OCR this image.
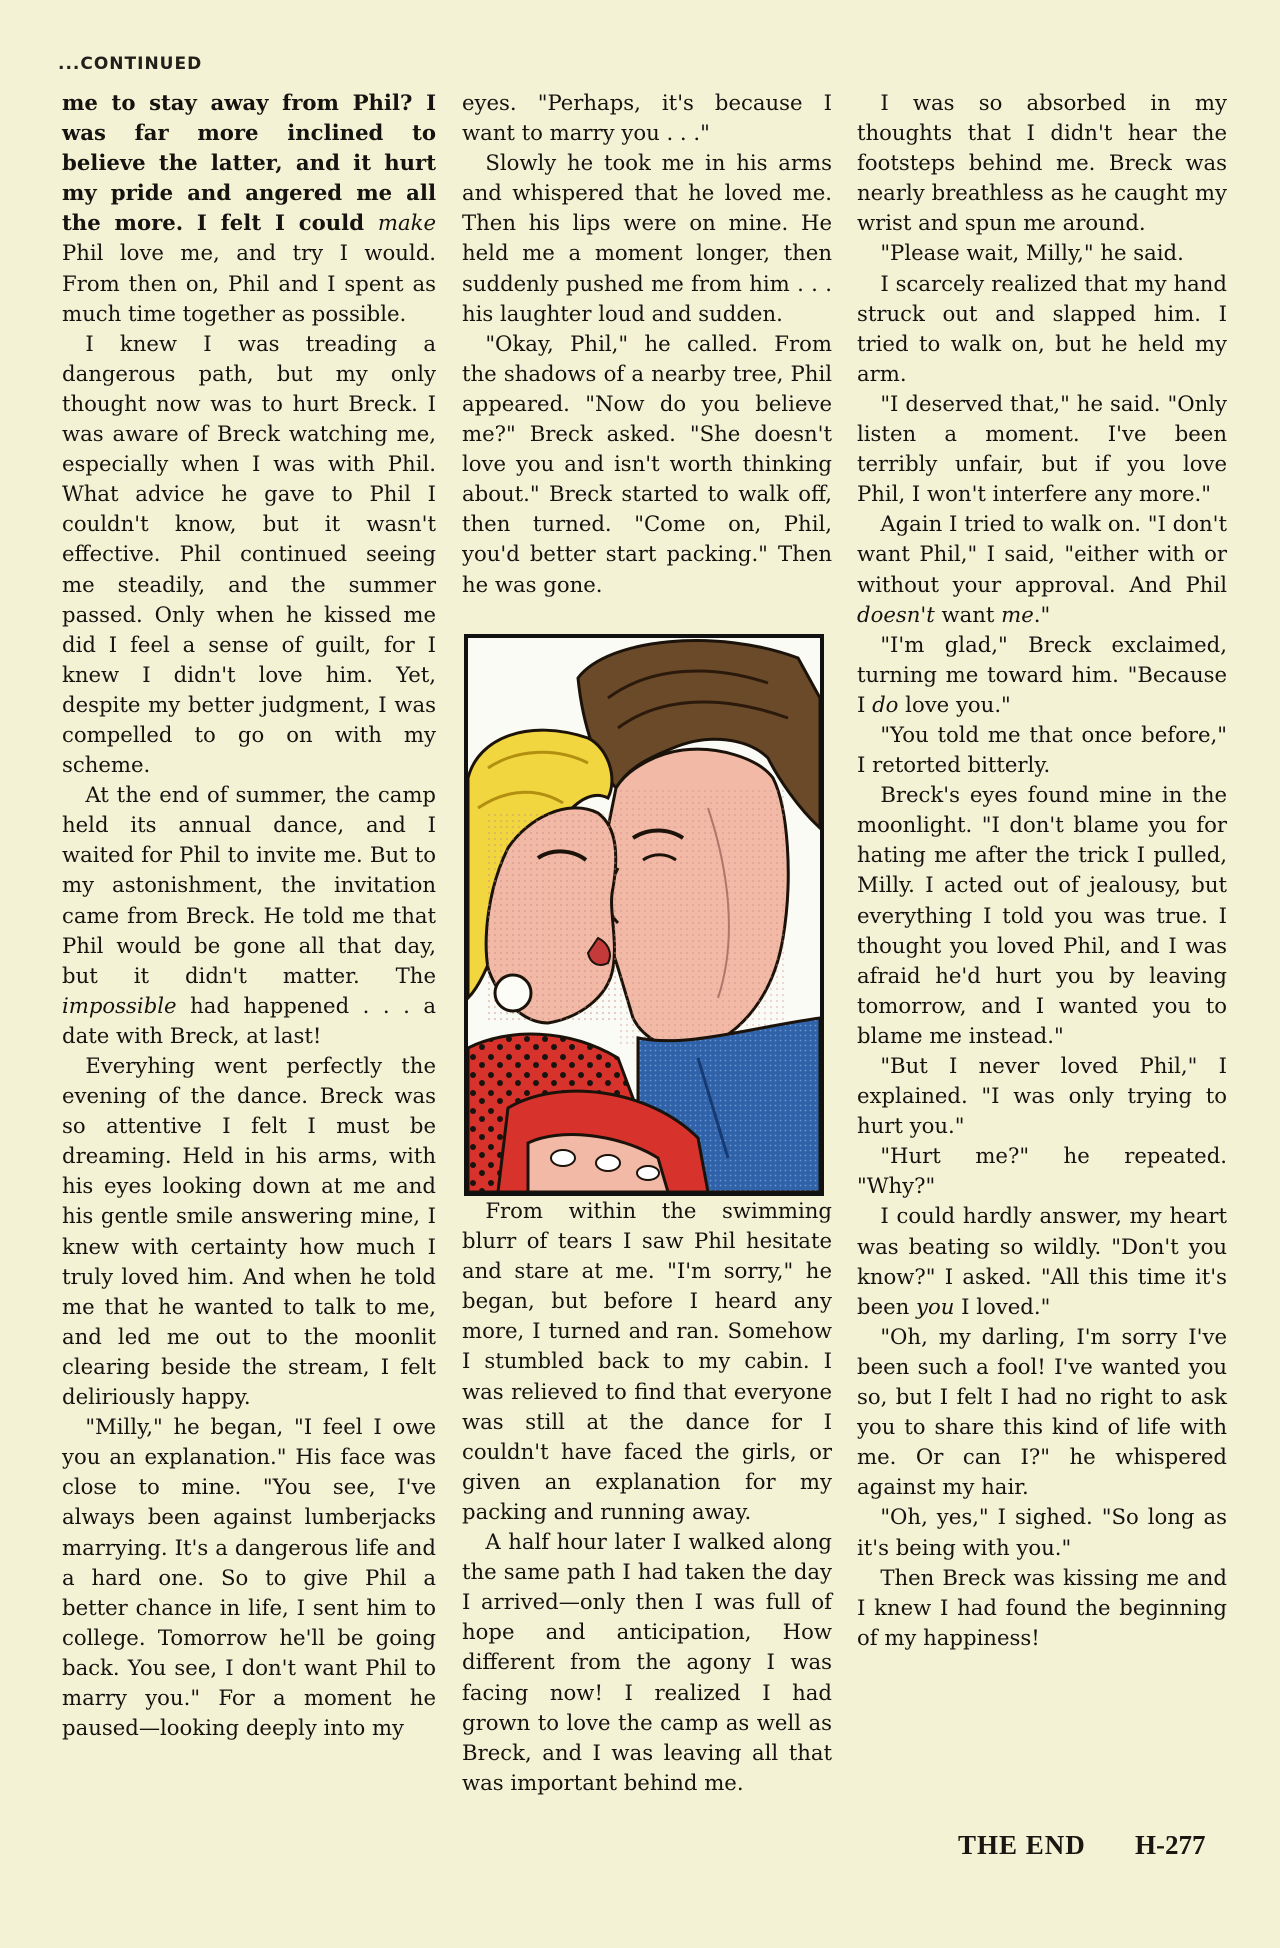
...CONTINUED

me to stay away from Phil? I was far more inclined to believe the latter, and it hurt my pride and angered me all the more. I felt I could make Phil love me, and try I would. From then on, Phil and I spent as much time together as possible.

I knew I was treading a dangerous path, but my only thought now was to hurt Breck. I was aware of Breck watching me, especially when I was with Phil. What advice he gave to Phil I couldn't know, but it wasn't effective. Phil continued seeing me steadily, and the summer passed. Only when he kissed me did I feel a sense of guilt, for I knew I didn't love him. Yet, despite my better judgment, I was compelled to go on with my scheme.

At the end of summer, the camp held its annual dance, and I waited for Phil to invite me. But to my astonishment, the invitation came from Breck. He told me that Phil would be gone all that day, but it didn't matter. The impossible had happened . . . a date with Breck, at last!

Everyhing went perfectly the evening of the dance. Breck was so attentive I felt I must be dreaming. Held in his arms, with his eyes looking down at me and his gentle smile answering mine, I knew with certainty how much I truly loved him. And when he told me that he wanted to talk to me, and led me out to the moonlit clearing beside the stream, I felt deliriously happy.

"Milly," he began, "I feel I owe you an explanation." His face was close to mine. "You see, I've always been against lumberjacks marrying. It's a dangerous life and a hard one. So to give Phil a better chance in life, I sent him to college. Tomorrow he'll be going back. You see, I don't want Phil to marry you." For a moment he paused—looking deeply into my

eyes. "Perhaps, it's because I want to marry you . . ."

Slowly he took me in his arms and whispered that he loved me. Then his lips were on mine. He held me a moment longer, then suddenly pushed me from him . . . his laughter loud and sudden.

"Okay, Phil," he called. From the shadows of a nearby tree, Phil appeared. "Now do you believe me?" Breck asked. "She doesn't love you and isn't worth thinking about." Breck started to walk off, then turned. "Come on, Phil, you'd better start packing." Then he was gone.

From within the swimming blurr of tears I saw Phil hesitate and stare at me. "I'm sorry," he began, but before I heard any more, I turned and ran. Somehow I stumbled back to my cabin. I was relieved to find that everyone was still at the dance for I couldn't have faced the girls, or given an explanation for my packing and running away.

A half hour later I walked along the same path I had taken the day I arrived—only then I was full of hope and anticipation, How different from the agony I was facing now! I realized I had grown to love the camp as well as Breck, and I was leaving all that was important behind me.

I was so absorbed in my thoughts that I didn't hear the footsteps behind me. Breck was nearly breathless as he caught my wrist and spun me around.

"Please wait, Milly," he said.

I scarcely realized that my hand struck out and slapped him. I tried to walk on, but he held my arm.

"I deserved that," he said. "Only listen a moment. I've been terribly unfair, but if you love Phil, I won't interfere any more."

Again I tried to walk on. "I don't want Phil," I said, "either with or without your approval. And Phil doesn't want me."

"I'm glad," Breck exclaimed, turning me toward him. "Because I do love you."

"You told me that once before," I retorted bitterly.

Breck's eyes found mine in the moonlight. "I don't blame you for hating me after the trick I pulled, Milly. I acted out of jealousy, but everything I told you was true. I thought you loved Phil, and I was afraid he'd hurt you by leaving tomorrow, and I wanted you to blame me instead."

"But I never loved Phil," I explained. "I was only trying to hurt you."

"Hurt me?" he repeated. "Why?"

I could hardly answer, my heart was beating so wildly. "Don't you know?" I asked. "All this time it's been you I loved."

"Oh, my darling, I'm sorry I've been such a fool! I've wanted you so, but I felt I had no right to ask you to share this kind of life with me. Or can I?" he whispered against my hair.

"Oh, yes," I sighed. "So long as it's being with you."

Then Breck was kissing me and I knew I had found the beginning of my happiness!

THE END H-277
